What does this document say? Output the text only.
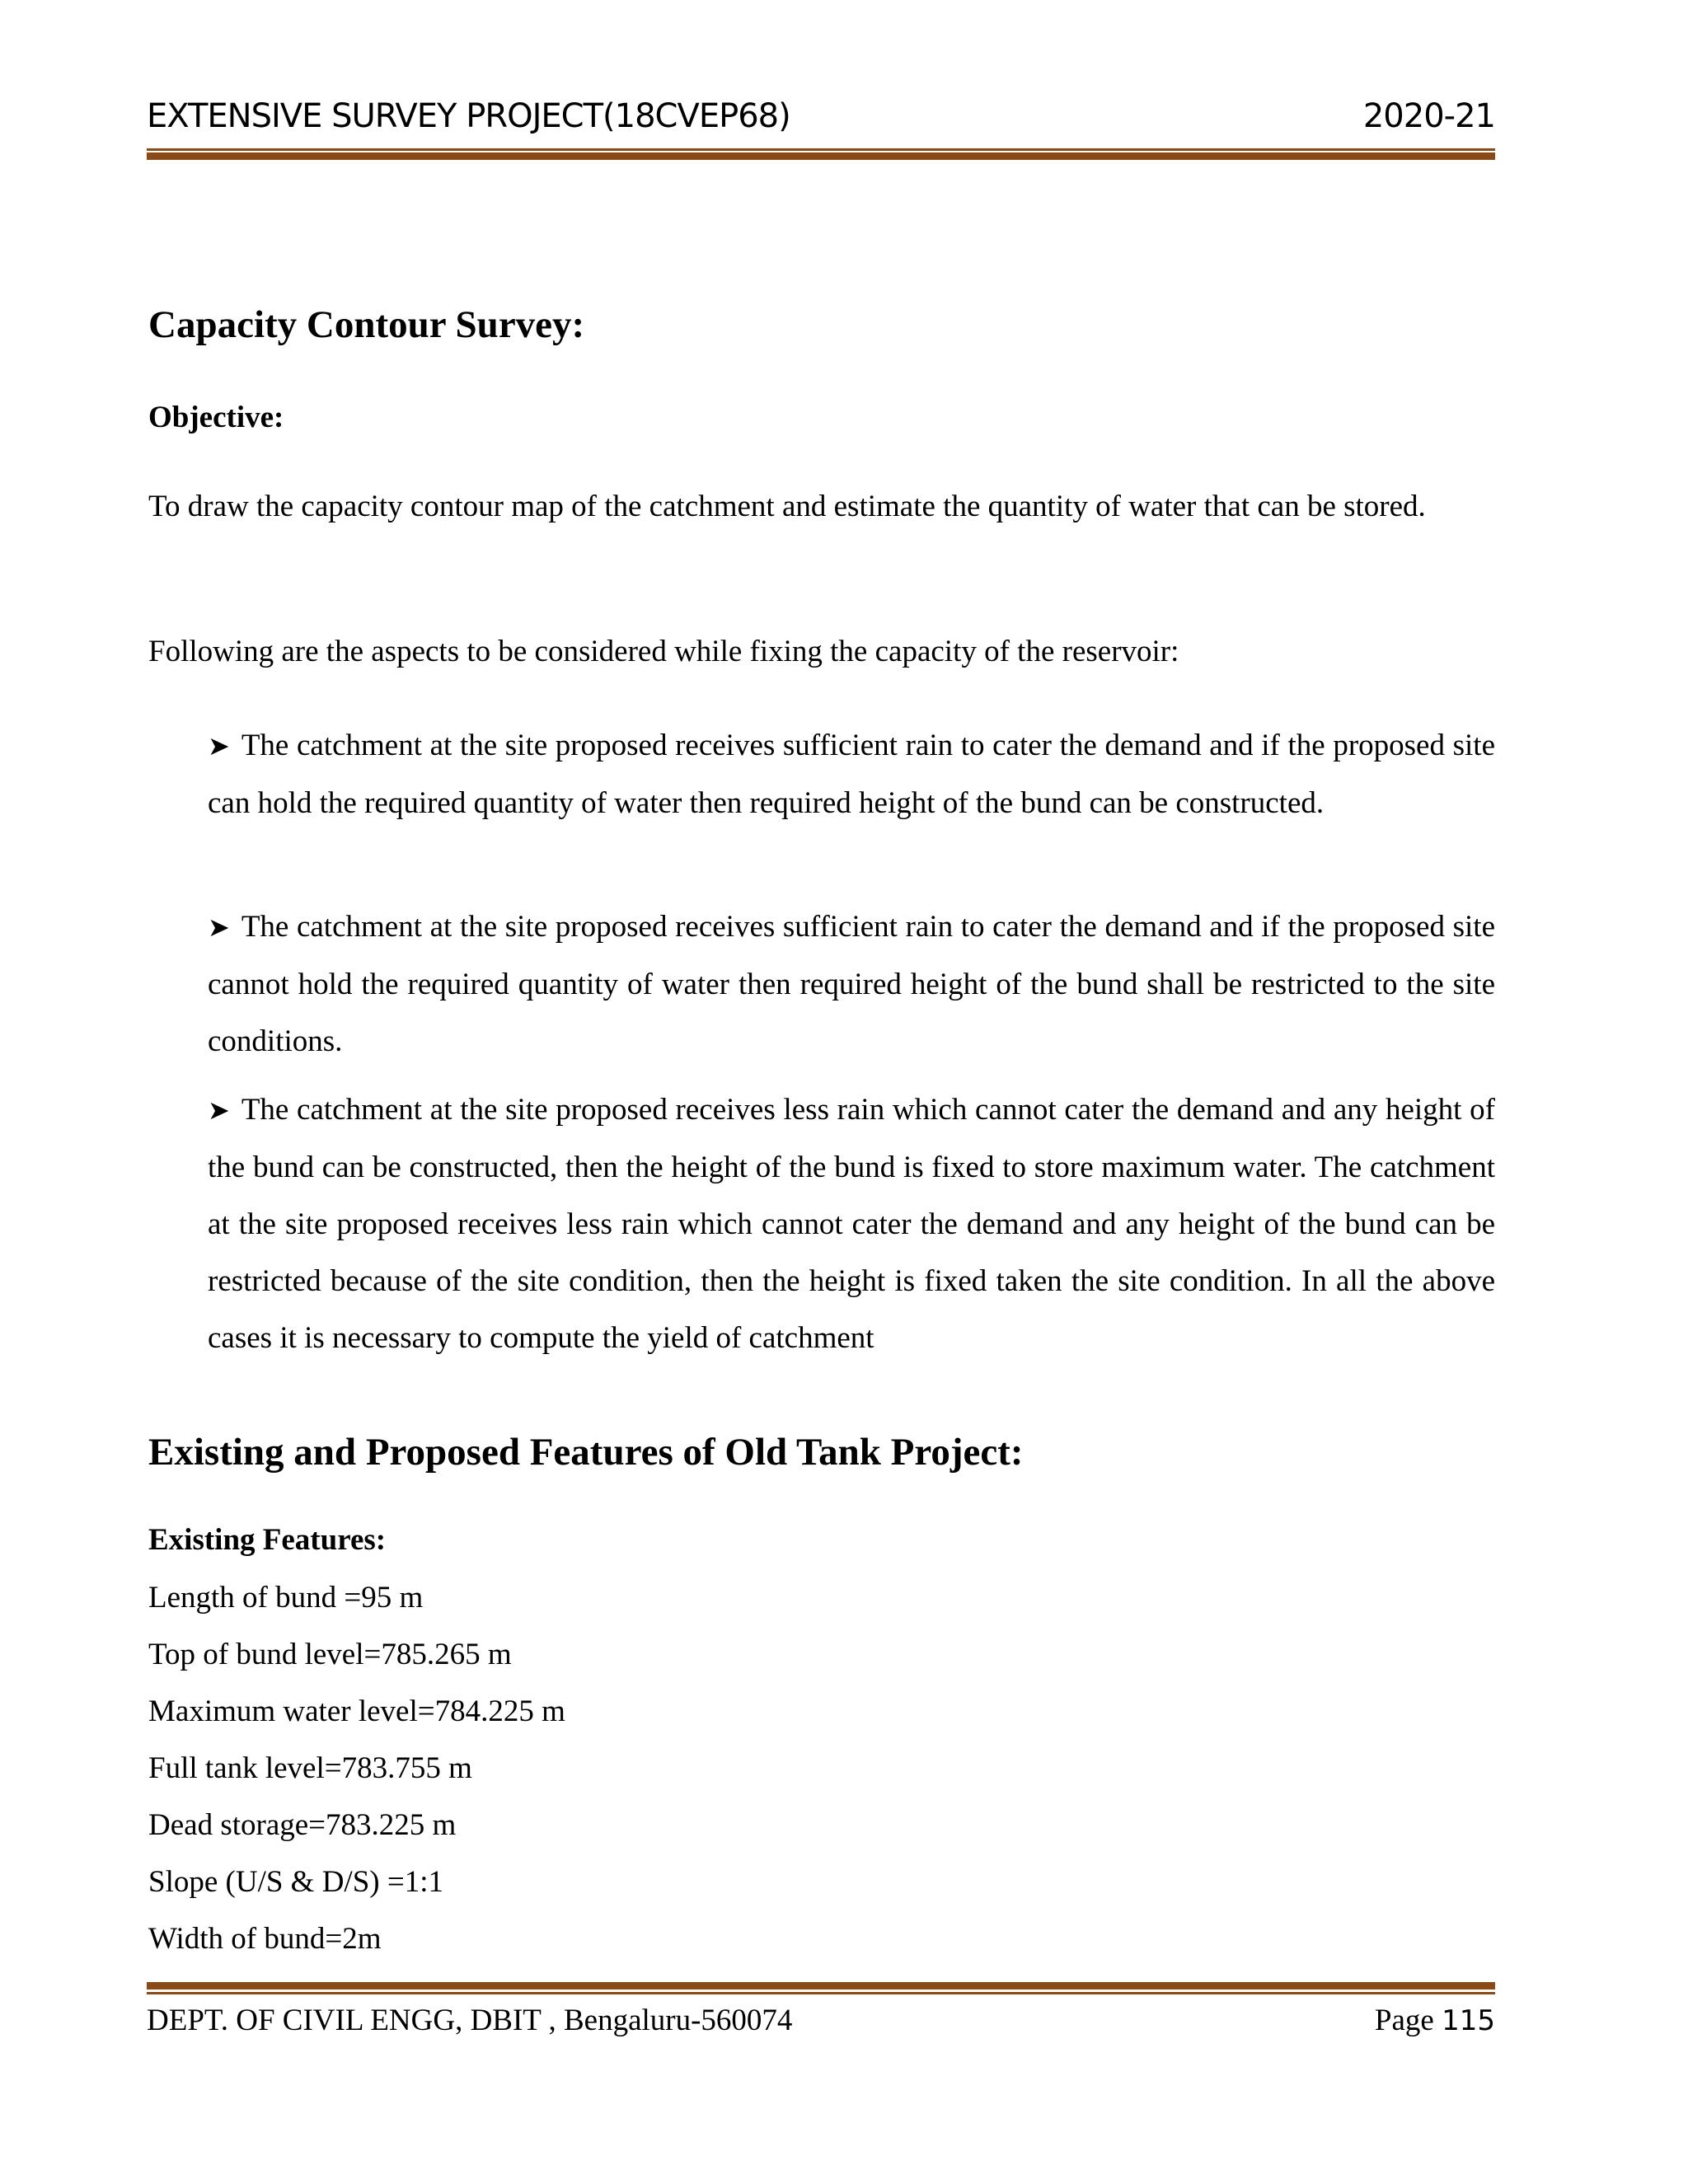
EXTENSIVE SURVEY PROJECT(18CVEP68)	2020-21
Capacity Contour Survey:
Objective:
To draw the capacity contour map of the catchment and estimate the quantity of water that can be stored.
Following are the aspects to be considered while fixing the capacity of the reservoir:
➤ The catchment at the site proposed receives sufficient rain to cater the demand and if the proposed site can hold the required quantity of water then required height of the bund can be constructed.
➤ The catchment at the site proposed receives sufficient rain to cater the demand and if the proposed site cannot hold the required quantity of water then required height of the bund shall be restricted to the site conditions.
➤ The catchment at the site proposed receives less rain which cannot cater the demand and any height of the bund can be constructed, then the height of the bund is fixed to store maximum water. The catchment at the site proposed receives less rain which cannot cater the demand and any height of the bund can be restricted because of the site condition, then the height is fixed taken the site condition. In all the above cases it is necessary to compute the yield of catchment
Existing and Proposed Features of Old Tank Project:
Existing Features:
Length of bund =95 m
Top of bund level=785.265 m
Maximum water level=784.225 m
Full tank level=783.755 m
Dead storage=783.225 m
Slope (U/S & D/S) =1:1
Width of bund=2m
DEPT. OF CIVIL ENGG, DBIT , Bengaluru-560074	Page 115
